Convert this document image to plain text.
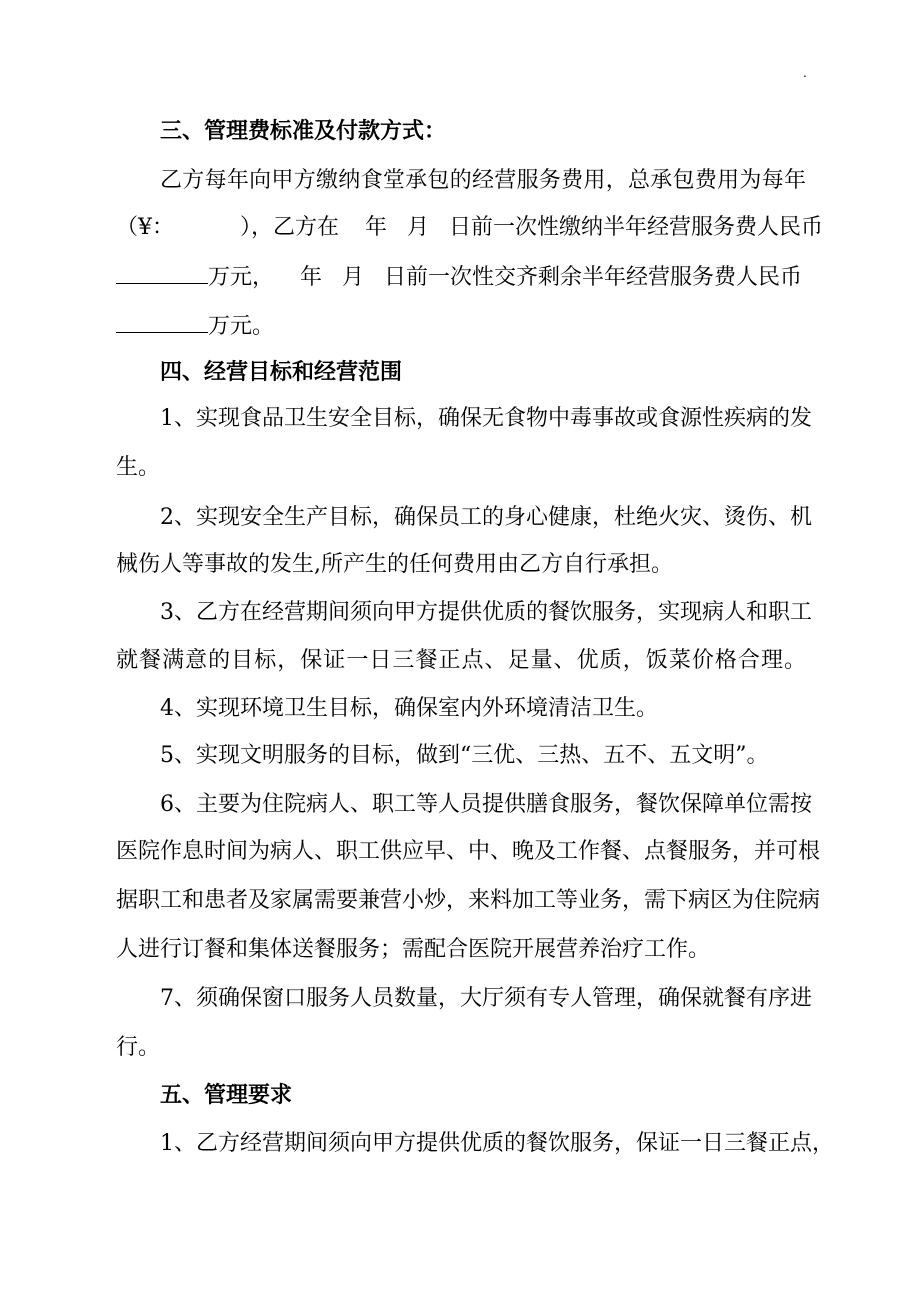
.
三、管理费标准及付款方式：
乙方每年向甲方缴纳食堂承包的经营服务费用，总承包费用为每年
（¥：	），乙方在 年 月 日前一次性缴纳半年经营服务费人民币
万元， 年 月 日前一次性交齐剩余半年经营服务费人民币
万元。
四、经营目标和经营范围
1、实现食品卫生安全目标，确保无食物中毒事故或食源性疾病的发
生。
2、实现安全生产目标，确保员工的身心健康，杜绝火灾、烫伤、机
械伤人等事故的发生,所产生的任何费用由乙方自行承担。
3、乙方在经营期间须向甲方提供优质的餐饮服务，实现病人和职工
就餐满意的目标，保证一日三餐正点、足量、优质，饭菜价格合理。
4、实现环境卫生目标，确保室内外环境清洁卫生。
5、实现文明服务的目标，做到“三优、三热、五不、五文明”。
6、主要为住院病人、职工等人员提供膳食服务，餐饮保障单位需按
医院作息时间为病人、职工供应早、中、晚及工作餐、点餐服务，并可根
据职工和患者及家属需要兼营小炒，来料加工等业务，需下病区为住院病
人进行订餐和集体送餐服务；需配合医院开展营养治疗工作。
7、须确保窗口服务人员数量，大厅须有专人管理，确保就餐有序进
行。
五、管理要求
1、乙方经营期间须向甲方提供优质的餐饮服务，保证一日三餐正点，
